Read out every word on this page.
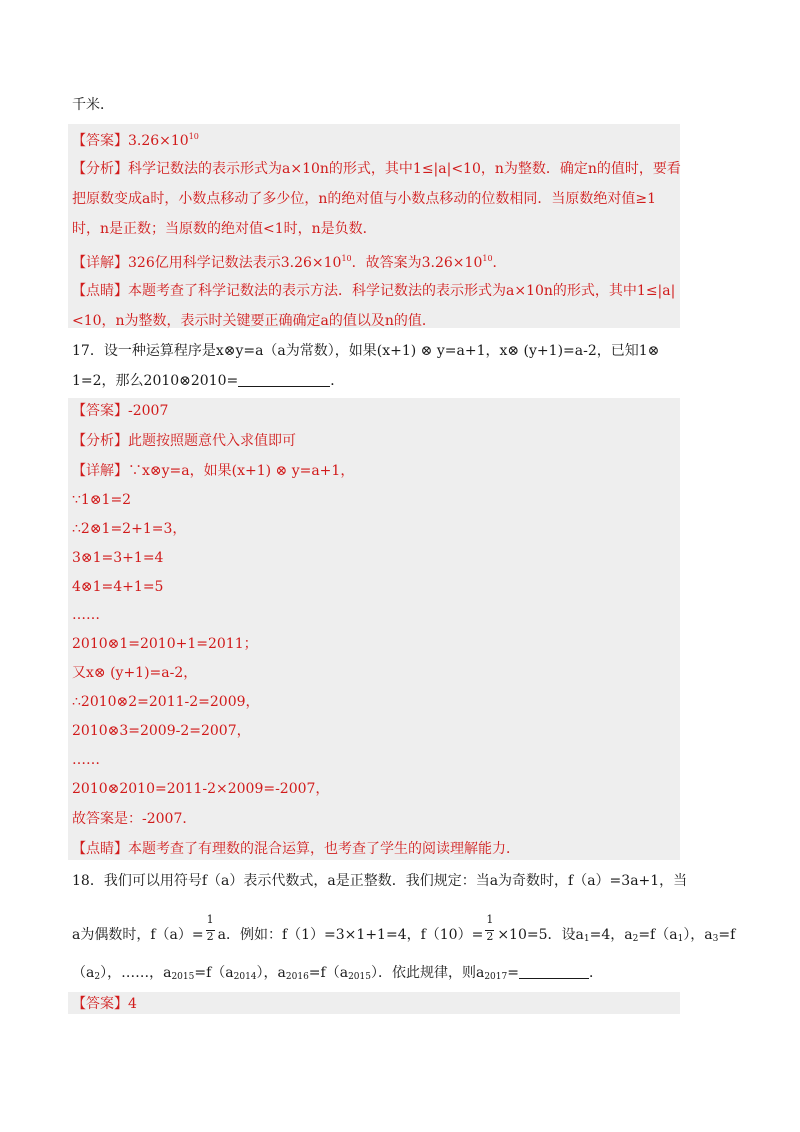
千米．
【答案】$3.26\times 10^{10}$
【分析】科学记数法的表示形式为a×10n的形式，其中1≤|a|<10，n为整数．确定n的值时，要看
把原数变成a时，小数点移动了多少位，n的绝对值与小数点移动的位数相同．当原数绝对值≥1
时，n是正数；当原数的绝对值<1时，n是负数．
【详解】326亿用科学记数法表示$3.26\times 10^{10}$．故答案为$3.26\times 10^{10}$．
【点睛】本题考查了科学记数法的表示方法．科学记数法的表示形式为a×10n的形式，其中1≤|a|
<10，n为整数，表示时关键要正确确定a的值以及n的值．
17．设一种运算程序是x⊗y=a（a为常数），如果(x+1) ⊗ y=a+1，x⊗ (y+1)=a-2，已知1⊗
1=2，那么2010⊗2010=	．
【答案】-2007
【分析】此题按照题意代入求值即可
【详解】∵x⊗y=a，如果(x+1) ⊗ y=a+1，
∵1⊗1=2
∴2⊗1=2+1=3，
3⊗1=3+1=4
4⊗1=4+1=5
……
2010⊗1=2010+1=2011；
又x⊗ (y+1)=a-2，
∴2010⊗2=2011-2=2009，
2010⊗3=2009-2=2007，
……
2010⊗2010=2011-2×2009=-2007，
故答案是：-2007．
【点睛】本题考查了有理数的混合运算，也考查了学生的阅读理解能力．
18．我们可以用符号f（a）表示代数式，a是正整数．我们规定：当a为奇数时，f（a）=3a+1，当
a为偶数时，$f(a)= \frac{1}{2}$ a．例如：f（1）=3×1+1=4，$f(10)= \frac{1}{2} \times 10=5$．设$a_1=4$，$a_2=f(a_1)$，$a_3=f$
$(a_2)$，……，$a_{2015}=f(a_{2014})$，$a_{2016}=f(a_{2015})$．依此规律，则$a_{2017}=$	．
【答案】4
